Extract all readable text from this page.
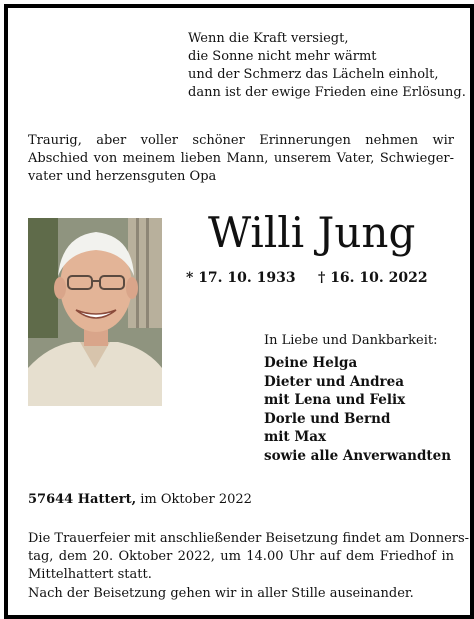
Wenn die Kraft versiegt,
die Sonne nicht mehr wärmt
und der Schmerz das Lächeln einholt,
dann ist der ewige Frieden eine Erlösung.
Traurig, aber voller schöner Erinnerungen nehmen wir
Abschied von meinem lieben Mann, unserem Vater, Schwieger-
vater und herzensguten Opa
Willi Jung
* 17. 10. 1933 † 16. 10. 2022
In Liebe und Dankbarkeit:
Deine Helga
Dieter und Andrea
mit Lena und Felix
Dorle und Bernd
mit Max
sowie alle Anverwandten
57644 Hattert, im Oktober 2022
Die Trauerfeier mit anschließender Beisetzung findet am Donners-
tag, dem 20. Oktober 2022, um 14.00 Uhr auf dem Friedhof in
Mittelhattert statt.
Nach der Beisetzung gehen wir in aller Stille auseinander.
